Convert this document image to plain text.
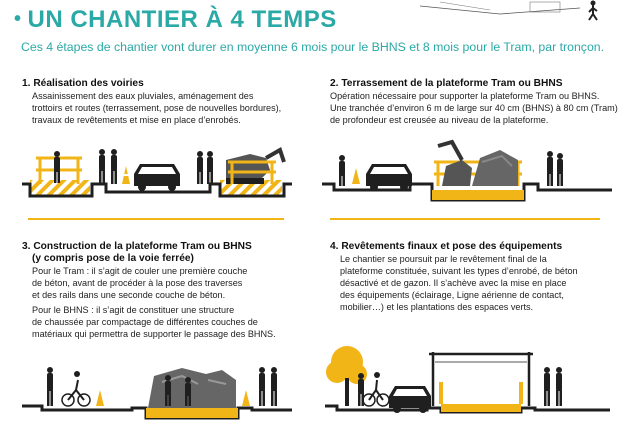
• UN CHANTIER À 4 TEMPS

Ces 4 étapes de chantier vont durer en moyenne 6 mois pour le BHNS et 8 mois pour le Tram, par tronçon.

1. Réalisation des voiries

Assainissement des eaux pluviales, aménagement des

trottoirs et routes (terrassement, pose de nouvelles bordures),

travaux de revêtements et mise en place d’enrobés.

2. Terrassement de la plateforme Tram ou BHNS

Opération nécessaire pour supporter la plateforme Tram ou BHNS.

Une tranchée d’environ 6 m de large sur 40 cm (BHNS) à 80 cm (Tram)

de profondeur est creusée au niveau de la plateforme.

3. Construction de la plateforme Tram ou BHNS
(y compris pose de la voie ferrée)

Pour le Tram : il s’agit de couler une première couche

de béton, avant de procéder à la pose des traverses

et des rails dans une seconde couche de béton.

Pour le BHNS : il s’agit de constituer une structure

de chaussée par compactage de différentes couches de

matériaux qui permettra de supporter le passage des BHNS.

4. Revêtements finaux et pose des équipements

Le chantier se poursuit par le revêtement final de la

plateforme constituée, suivant les types d’enrobé, de béton

désactivé et de gazon. Il s’achève avec la mise en place

des équipements (éclairage, Ligne aérienne de contact,

mobilier…) et les plantations des espaces verts.
